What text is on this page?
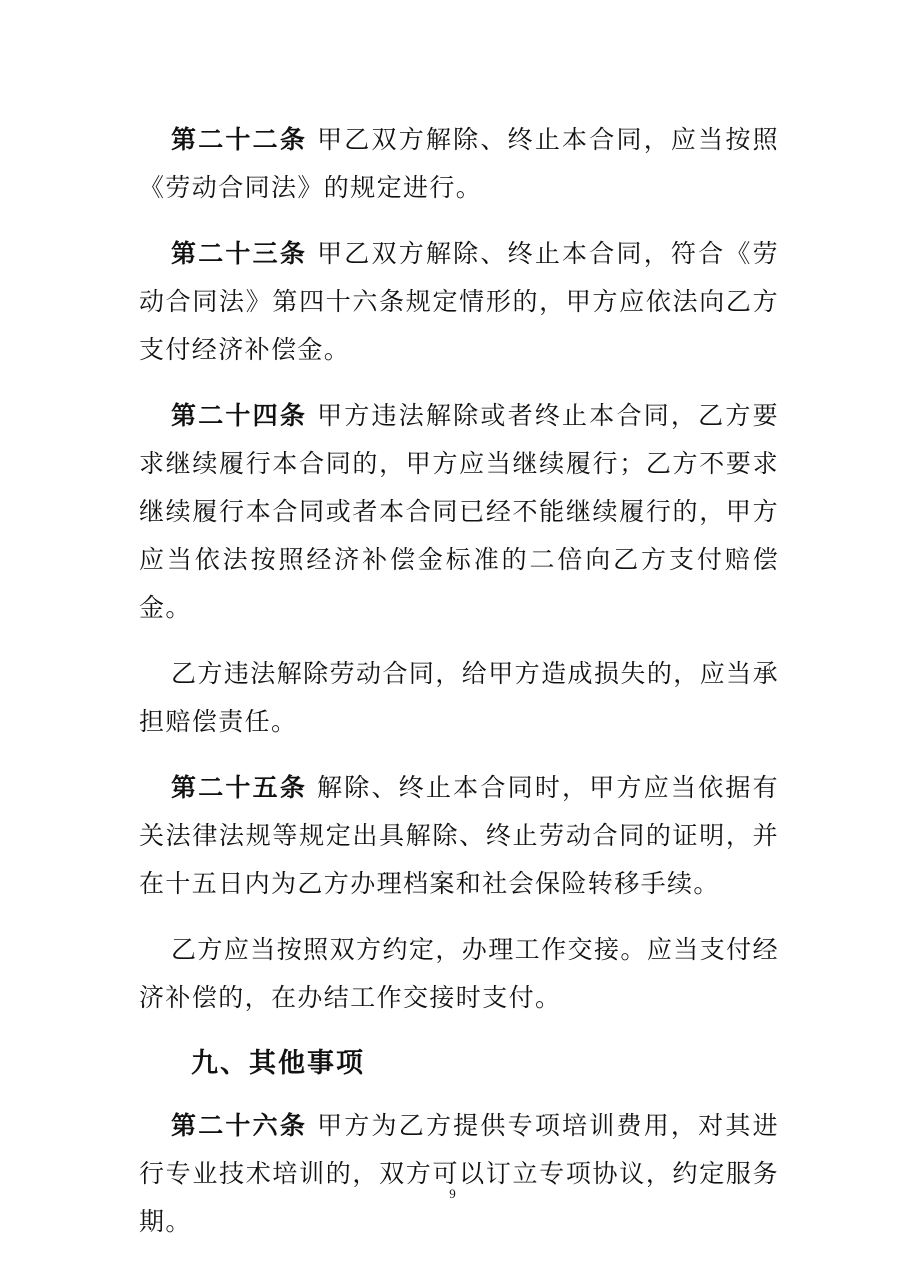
第二十二条 甲乙双方解除、终止本合同，应当按照《劳动合同法》的规定进行。

第二十三条 甲乙双方解除、终止本合同，符合《劳动合同法》第四十六条规定情形的，甲方应依法向乙方支付经济补偿金。

第二十四条 甲方违法解除或者终止本合同，乙方要求继续履行本合同的，甲方应当继续履行；乙方不要求继续履行本合同或者本合同已经不能继续履行的，甲方应当依法按照经济补偿金标准的二倍向乙方支付赔偿金。

乙方违法解除劳动合同，给甲方造成损失的，应当承担赔偿责任。

第二十五条 解除、终止本合同时，甲方应当依据有关法律法规等规定出具解除、终止劳动合同的证明，并在十五日内为乙方办理档案和社会保险转移手续。

乙方应当按照双方约定，办理工作交接。应当支付经济补偿的，在办结工作交接时支付。

九、其他事项

第二十六条 甲方为乙方提供专项培训费用，对其进行专业技术培训的，双方可以订立专项协议，约定服务期。

9
